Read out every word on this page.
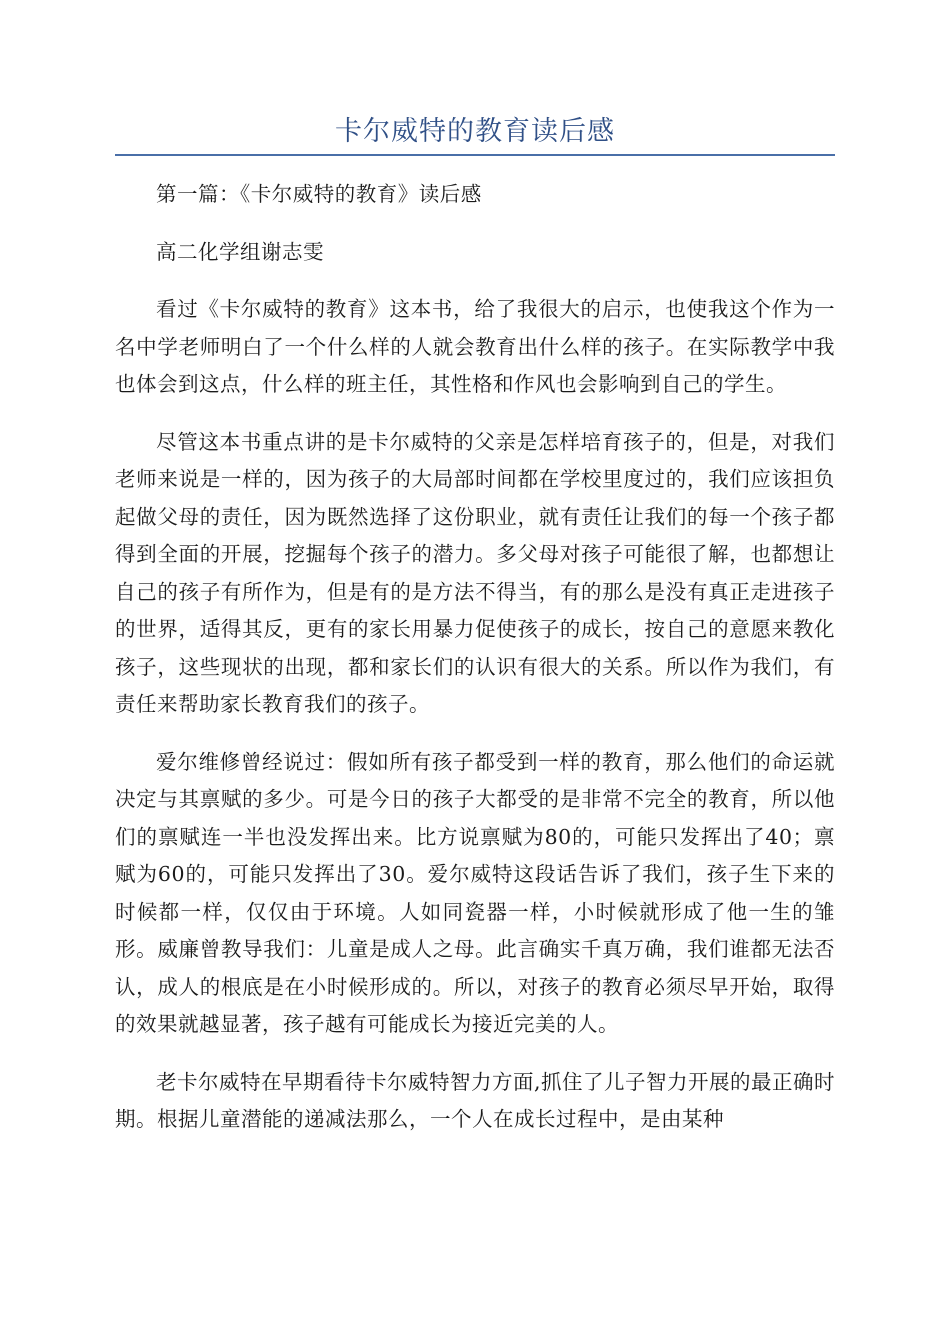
卡尔威特的教育读后感

第一篇：《卡尔威特的教育》读后感

高二化学组谢志雯

看过《卡尔威特的教育》这本书，给了我很大的启示，也使我这个作为一名中学老师明白了一个什么样的人就会教育出什么样的孩子。在实际教学中我也体会到这点，什么样的班主任，其性格和作风也会影响到自己的学生。

尽管这本书重点讲的是卡尔威特的父亲是怎样培育孩子的，但是，对我们老师来说是一样的，因为孩子的大局部时间都在学校里度过的，我们应该担负起做父母的责任，因为既然选择了这份职业，就有责任让我们的每一个孩子都得到全面的开展，挖掘每个孩子的潜力。多父母对孩子可能很了解，也都想让自己的孩子有所作为，但是有的是方法不得当，有的那么是没有真正走进孩子的世界，适得其反，更有的家长用暴力促使孩子的成长，按自己的意愿来教化孩子，这些现状的出现，都和家长们的认识有很大的关系。所以作为我们，有责任来帮助家长教育我们的孩子。

爱尔维修曾经说过：假如所有孩子都受到一样的教育，那么他们的命运就决定与其禀赋的多少。可是今日的孩子大都受的是非常不完全的教育，所以他们的禀赋连一半也没发挥出来。比方说禀赋为80的，可能只发挥出了40；禀赋为60的，可能只发挥出了30。爱尔威特这段话告诉了我们，孩子生下来的时候都一样，仅仅由于环境。人如同瓷器一样，小时候就形成了他一生的雏形。威廉曾教导我们：儿童是成人之母。此言确实千真万确，我们谁都无法否认，成人的根底是在小时候形成的。所以，对孩子的教育必须尽早开始，取得的效果就越显著，孩子越有可能成长为接近完美的人。

老卡尔威特在早期看待卡尔威特智力方面,抓住了儿子智力开展的最正确时期。根据儿童潜能的递减法那么，一个人在成长过程中，是由某种
